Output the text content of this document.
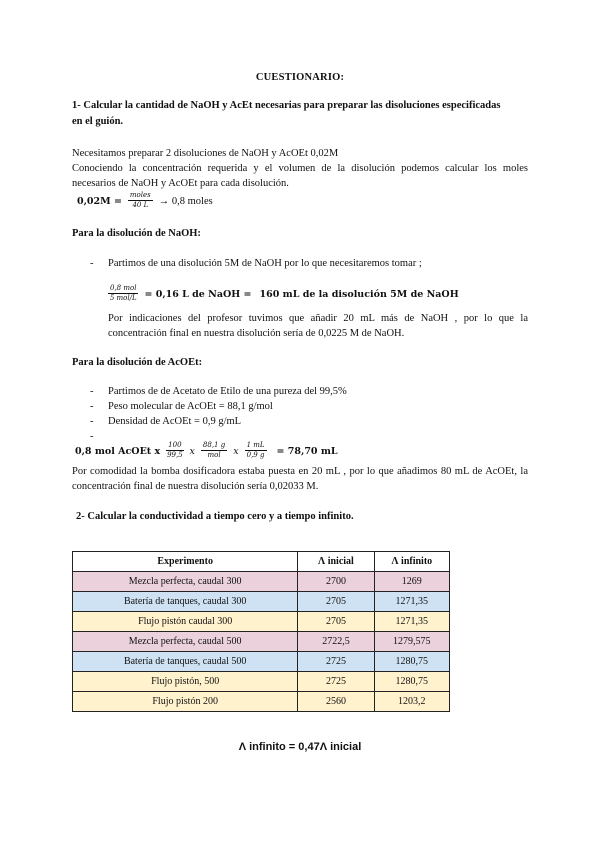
CUESTIONARIO:
1- Calcular la cantidad de NaOH y AcEt necesarias para preparar las disoluciones especificadas
en el guión.
Necesitamos preparar 2 disoluciones de NaOH y AcOEt 0,02M
Conociendo la concentración requerida y el volumen de la disolución podemos calcular los moles necesarios de NaOH y AcOEt para cada disolución.
$0,02M = \frac{\text{moles}}{40 L} \to 0,8$ moles
Para la disolución de NaOH:
- Partimos de una disolución 5M de NaOH por lo que necesitaremos tomar ;
$\frac{\text{0,8 mol}}{\text{5 mol/L}} = 0,16$ L de NaOH = 160 mL de la disolución 5M de NaOH
Por indicaciones del profesor tuvimos que añadir 20 mL más de NaOH , por lo que la concentración final en nuestra disolución sería de 0,0225 M de NaOH.
Para la disolución de AcOEt:
- Partimos de de Acetato de Etilo de una pureza del 99,5%
- Peso molecular de AcOEt = 88,1 g/mol
- Densidad de AcOEt = 0,9 g/mL
-
0,8 mol AcOEt x $\frac{100}{99,5}$ x $\frac{88,1 g}{\text{mol}}$ x $\frac{1 mL}{0,9 g} = 78,70$ mL
Por comodidad la bomba dosificadora estaba puesta en 20 mL , por lo que añadimos 80 mL de AcOEt, la concentración final de nuestra disolución sería 0,02033 M.
2- Calcular la conductividad a tiempo cero y a tiempo infinito.
Experimento	Λ inicial	Λ infinito
Mezcla perfecta, caudal 300	2700	1269
Batería de tanques, caudal 300	2705	1271,35
Flujo pistón caudal 300	2705	1271,35
Mezcla perfecta, caudal 500	2722,5	1279,575
Batería de tanques, caudal 500	2725	1280,75
Flujo pistón, 500	2725	1280,75
Flujo pistón 200	2560	1203,2
Λ infinito = 0,47Λ inicial
